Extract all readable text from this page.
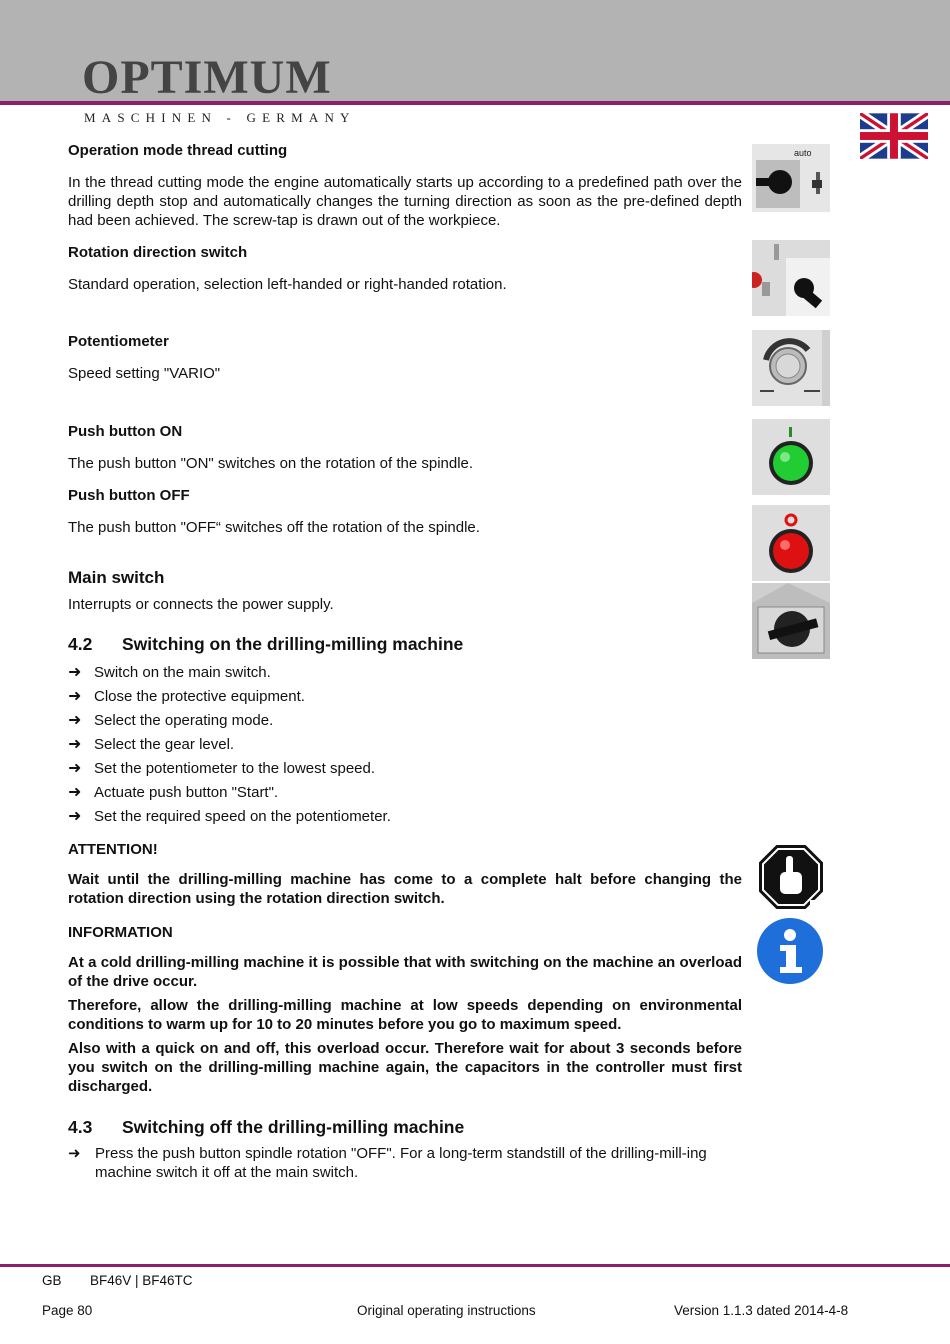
OPTIMUM
MASCHINEN - GERMANY
Operation mode thread cutting
In the thread cutting mode the engine automatically starts up according to a predefined path over the drilling depth stop and automatically changes the turning direction as soon as the pre-defined depth had been achieved. The screw-tap is drawn out of the workpiece.
auto
Rotation direction switch
Standard operation, selection left-handed or right-handed rotation.
Potentiometer
Speed setting "VARIO"
Push button ON
The push button "ON" switches on the rotation of the spindle.
Push button OFF
The push button "OFF“ switches off the rotation of the spindle.
Main switch
Interrupts or connects the power supply.
4.2 Switching on the drilling-milling machine
➜ Switch on the main switch.
➜ Close the protective equipment.
➜ Select the operating mode.
➜ Select the gear level.
➜ Set the potentiometer to the lowest speed.
➜ Actuate push button "Start".
➜ Set the required speed on the potentiometer.
ATTENTION!
Wait until the drilling-milling machine has come to a complete halt before changing the rotation direction using the rotation direction switch.
INFORMATION
At a cold drilling-milling machine it is possible that with switching on the machine an overload of the drive occur.
Therefore, allow the drilling-milling machine at low speeds depending on environmental conditions to warm up for 10 to 20 minutes before you go to maximum speed.
Also with a quick on and off, this overload occur. Therefore wait for about 3 seconds before you switch on the drilling-milling machine again, the capacitors in the controller must first discharged.
4.3 Switching off the drilling-milling machine
➜ Press the push button spindle rotation "OFF". For a long-term standstill of the drilling-mill-ing machine switch it off at the main switch.
GB BF46V | BF46TC
Page 80	Original operating instructions	Version 1.1.3 dated 2014-4-8
